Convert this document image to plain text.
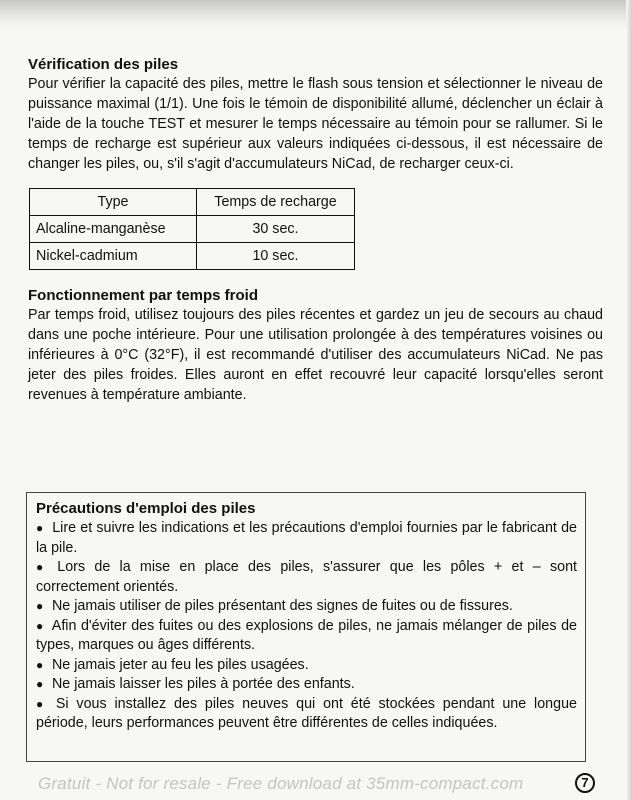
Vérification des piles

Pour vérifier la capacité des piles, mettre le flash sous tension et sélectionner le niveau de puissance maximal (1/1). Une fois le témoin de disponibilité allumé, déclencher un éclair à l'aide de la touche TEST et mesurer le temps nécessaire au témoin pour se rallumer. Si le temps de recharge est supérieur aux valeurs indiquées ci-dessous, il est nécessaire de changer les piles, ou, s'il s'agit d'accumulateurs NiCad, de recharger ceux-ci.

Type	Temps de recharge
Alcaline-manganèse	30 sec.
Nickel-cadmium	10 sec.
Fonctionnement par temps froid

Par temps froid, utilisez toujours des piles récentes et gardez un jeu de secours au chaud dans une poche intérieure. Pour une utilisation prolongée à des températures voisines ou inférieures à 0°C (32°F), il est recommandé d'utiliser des accumulateurs NiCad. Ne pas jeter des piles froides. Elles auront en effet recouvré leur capacité lorsqu'elles seront revenues à température ambiante.

Précautions d'emploi des piles
● Lire et suivre les indications et les précautions d'emploi fournies par le fabricant de la pile.
● Lors de la mise en place des piles, s'assurer que les pôles + et – sont correctement orientés.
● Ne jamais utiliser de piles présentant des signes de fuites ou de fissures.
● Afin d'éviter des fuites ou des explosions de piles, ne jamais mélanger de piles de types, marques ou âges différents.
● Ne jamais jeter au feu les piles usagées.
● Ne jamais laisser les piles à portée des enfants.
● Si vous installez des piles neuves qui ont été stockées pendant une longue période, leurs performances peuvent être différentes de celles indiquées.
Gratuit - Not for resale - Free download at 35mm-compact.com	7
